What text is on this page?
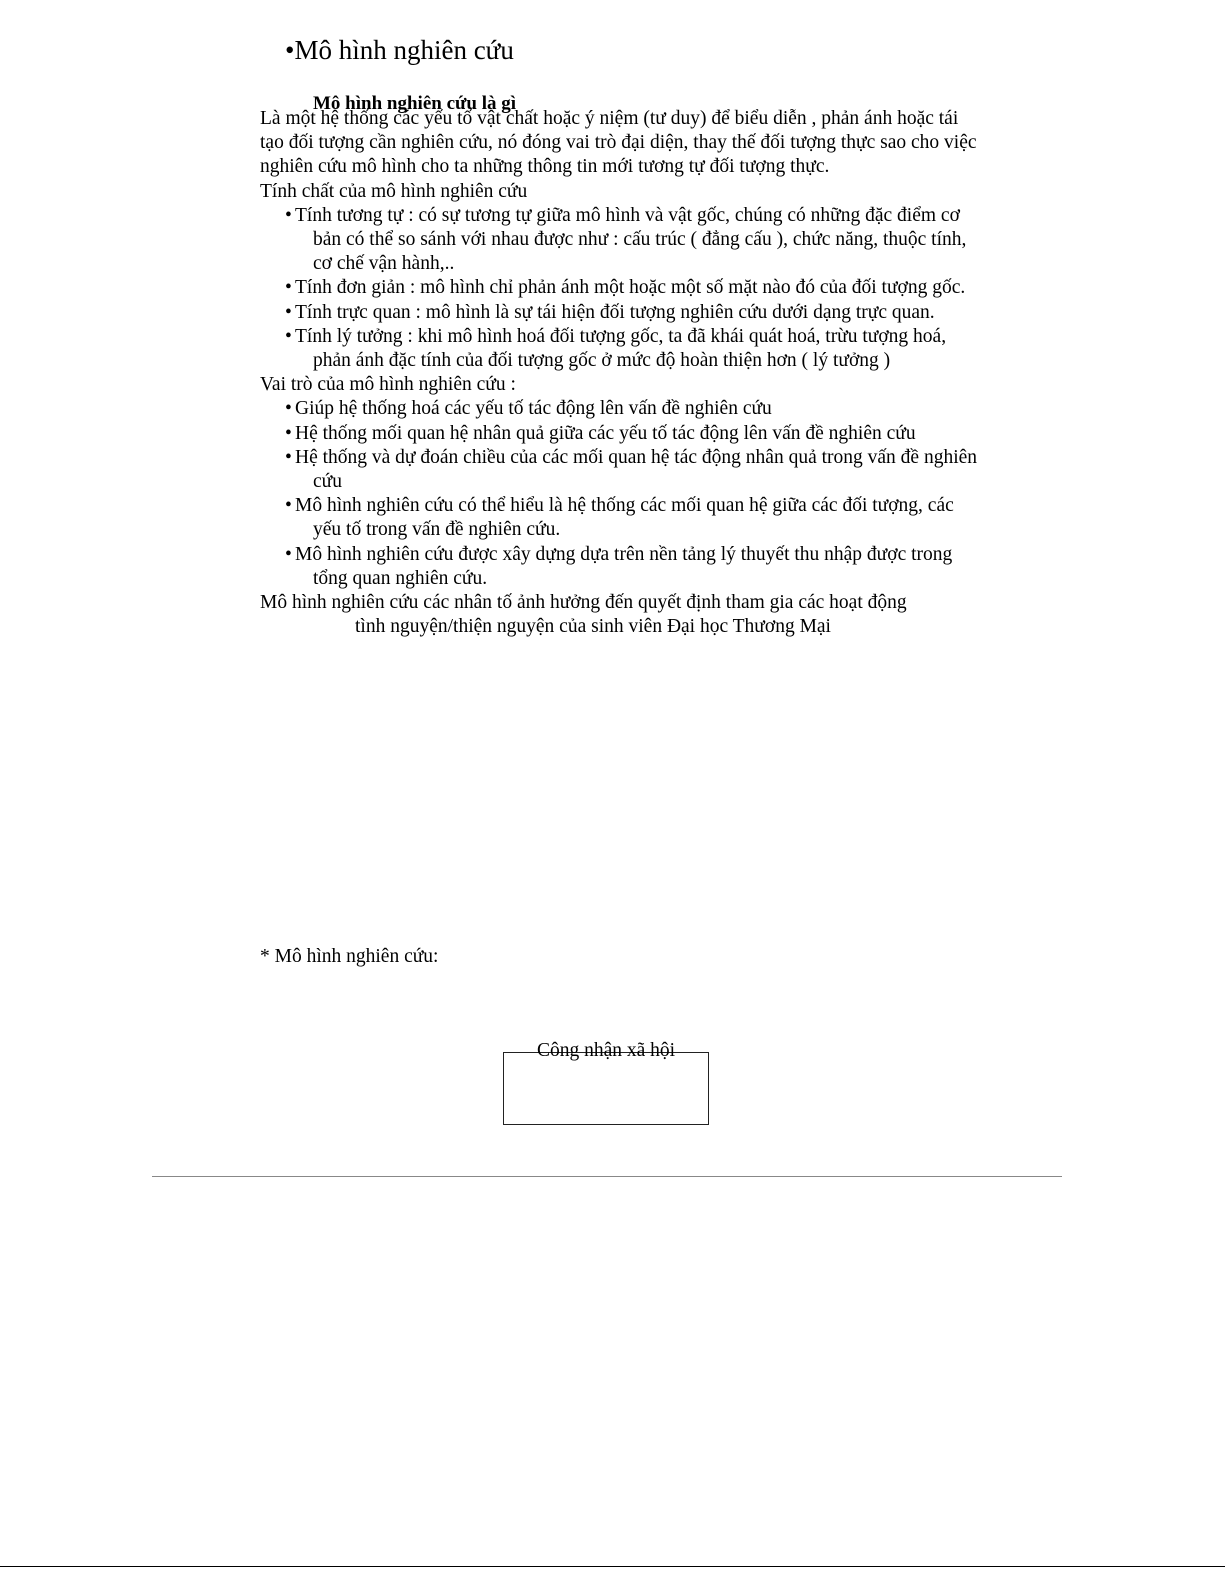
•Mô hình nghiên cứu
Mô hình nghiên cứu là gì

Là một hệ thống các yếu tố vật chất hoặc ý niệm (tư duy) để biểu diễn , phản ánh hoặc tái tạo đối tượng cần nghiên cứu, nó đóng vai trò đại diện, thay thế đối tượng thực sao cho việc nghiên cứu mô hình cho ta những thông tin mới tương tự đối tượng thực.

Tính chất của mô hình nghiên cứu

• Tính tương tự : có sự tương tự giữa mô hình và vật gốc, chúng có những đặc điểm cơ bản có thể so sánh với nhau được như : cấu trúc ( đẳng cấu ), chức năng, thuộc tính, cơ chế vận hành,..
• Tính đơn giản : mô hình chỉ phản ánh một hoặc một số mặt nào đó của đối tượng gốc.
• Tính trực quan : mô hình là sự tái hiện đối tượng nghiên cứu dưới dạng trực quan.
• Tính lý tưởng : khi mô hình hoá đối tượng gốc, ta đã khái quát hoá, trừu tượng hoá, phản ánh đặc tính của đối tượng gốc ở mức độ hoàn thiện hơn ( lý tưởng )

Vai trò của mô hình nghiên cứu :

• Giúp hệ thống hoá các yếu tố tác động lên vấn đề nghiên cứu
• Hệ thống mối quan hệ nhân quả giữa các yếu tố tác động lên vấn đề nghiên cứu
• Hệ thống và dự đoán chiều của các mối quan hệ tác động nhân quả trong vấn đề nghiên cứu
• Mô hình nghiên cứu có thể hiểu là hệ thống các mối quan hệ giữa các đối tượng, các yếu tố trong vấn đề nghiên cứu.
• Mô hình nghiên cứu được xây dựng dựa trên nền tảng lý thuyết thu nhập được trong tổng quan nghiên cứu.

Mô hình nghiên cứu các nhân tố ảnh hưởng đến quyết định tham gia các hoạt động
tình nguyện/thiện nguyện của sinh viên Đại học Thương Mại

* Mô hình nghiên cứu:
Công nhận xã hội
